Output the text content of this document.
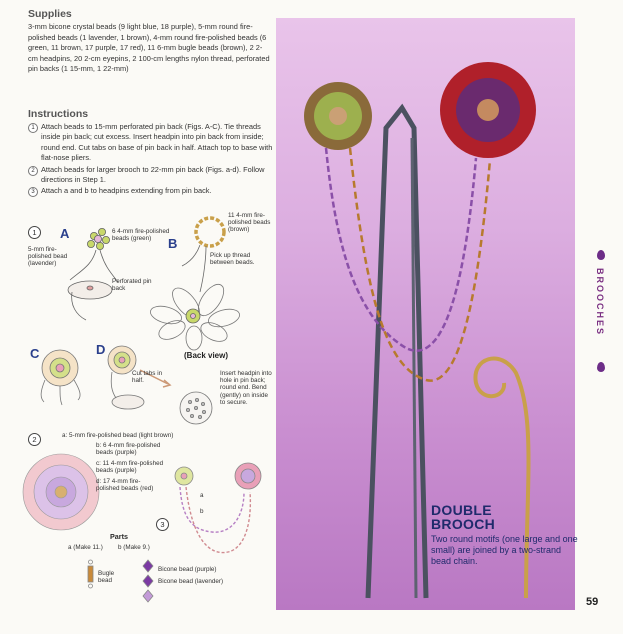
Supplies
3-mm bicone crystal beads (9 light blue, 18 purple), 5-mm round fire-polished beads (1 lavender, 1 brown), 4-mm round fire-polished beads (6 green, 11 brown, 17 purple, 17 red), 11 6-mm bugle beads (brown), 2 2-cm headpins, 20 2-cm eyepins, 2 100-cm lengths nylon thread, perforated pin backs (1 15-mm, 1 22-mm)
Instructions
1 Attach beads to 15-mm perforated pin back (Figs. A-C). Tie threads inside pin back; cut excess. Insert headpin into pin back from inside; round end. Cut tabs on base of pin back in half. Attach top to base with flat-nose pliers.
2 Attach beads for larger brooch to 22-mm pin back (Figs. a-d). Follow directions in Step 1.
3 Attach a and b to headpins extending from pin back.
1	A	6 4-mm fire-polished beads (green)
5-mm fire-polished bead (lavender)
Perforated pin back
B
11 4-mm fire-polished beads (brown)
Pick up thread between beads.
C	D
Cut tabs in half.
(Back view)
Insert headpin into hole in pin back; round end. Bend (gently) on inside to secure.
2	a: 5-mm fire-polished bead (light brown)
b: 6 4-mm fire-polished beads (purple)
c: 11 4-mm fire-polished beads (purple)
d: 17 4-mm fire-polished beads (red)
a
b
3
Parts
a (Make 11.) b (Make 9.)
Bugle bead
Bicone bead (purple)
Bicone bead (lavender)
DOUBLE
BROOCH
Two round motifs (one large and one small) are joined by a two-strand bead chain.
BROOCHES
59
